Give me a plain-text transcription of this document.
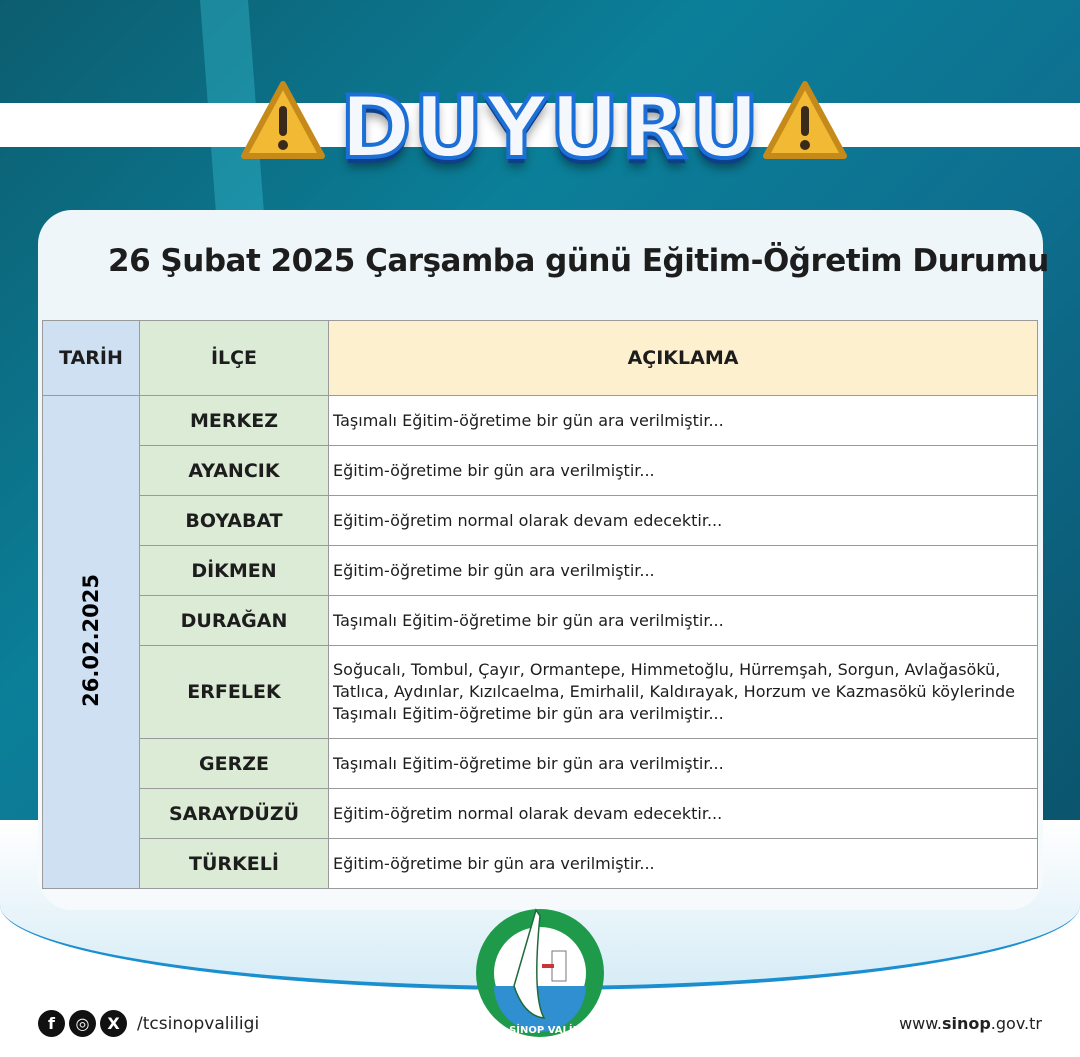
DUYURU
26 Şubat 2025 Çarşamba günü Eğitim-Öğretim Durumu
TARİH	İLÇE	AÇIKLAMA
26.02.2025	MERKEZ	Taşımalı Eğitim-öğretime bir gün ara verilmiştir...
	AYANCIK	Eğitim-öğretime bir gün ara verilmiştir...
	BOYABAT	Eğitim-öğretim normal olarak devam edecektir...
	DİKMEN	Eğitim-öğretime bir gün ara verilmiştir...
	DURAĞAN	Taşımalı Eğitim-öğretime bir gün ara verilmiştir...
	ERFELEK	Soğucalı, Tombul, Çayır, Ormantepe, Himmetoğlu, Hürremşah, Sorgun, Avlağasökü, Tatlıca, Aydınlar, Kızılcaelma, Emirhalil, Kaldırayak, Horzum ve Kazmasökü köylerinde Taşımalı Eğitim-öğretime bir gün ara verilmiştir...
	GERZE	Taşımalı Eğitim-öğretime bir gün ara verilmiştir...
	SARAYDÜZÜ	Eğitim-öğretim normal olarak devam edecektir...
	TÜRKELİ	Eğitim-öğretime bir gün ara verilmiştir...
T.C. SİNOP VALİLİĞİ
f	◎	X	/tcsinopvaliligi	www.sinop.gov.tr
